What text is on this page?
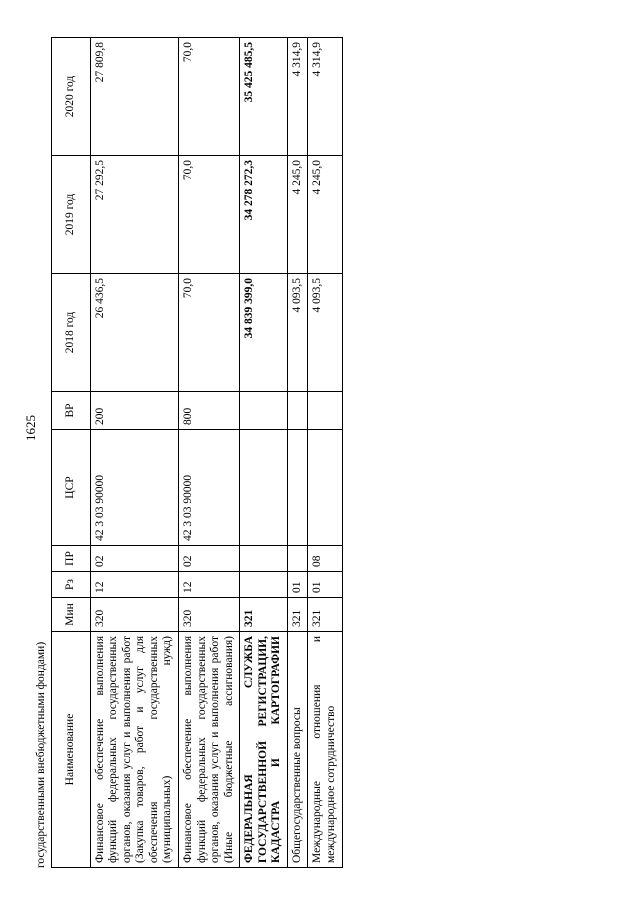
1625
государственными внебюджетными фондами) Наименование	Мин	Рз	ПР	ЦСР	ВР	2018 год	2019 год	2020 год
Финансовое обеспечение выполнения функций федеральных государственных органов, оказания услуг и выполнения работ (Закупка товаров, работ и услуг для обеспечения государственных (муниципальных) нужд)	320	12	02	42 3 03 90000	200	26 436,5	27 292,5	27 809,8
Финансовое обеспечение выполнения функций федеральных государственных органов, оказания услуг и выполнения работ (Иные бюджетные ассигнования)	320	12	02	42 3 03 90000	800	70,0	70,0	70,0
ФЕДЕРАЛЬНАЯ СЛУЖБА ГОСУДАРСТВЕННОЙ РЕГИСТРАЦИИ, КАДАСТРА И КАРТОГРАФИИ	321					34 839 399,0	34 278 272,3	35 425 485,5
Общегосударственные вопросы	321	01				4 093,5	4 245,0	4 314,9
Международные отношения и международное сотрудничество	321	01	08			4 093,5	4 245,0	4 314,9
